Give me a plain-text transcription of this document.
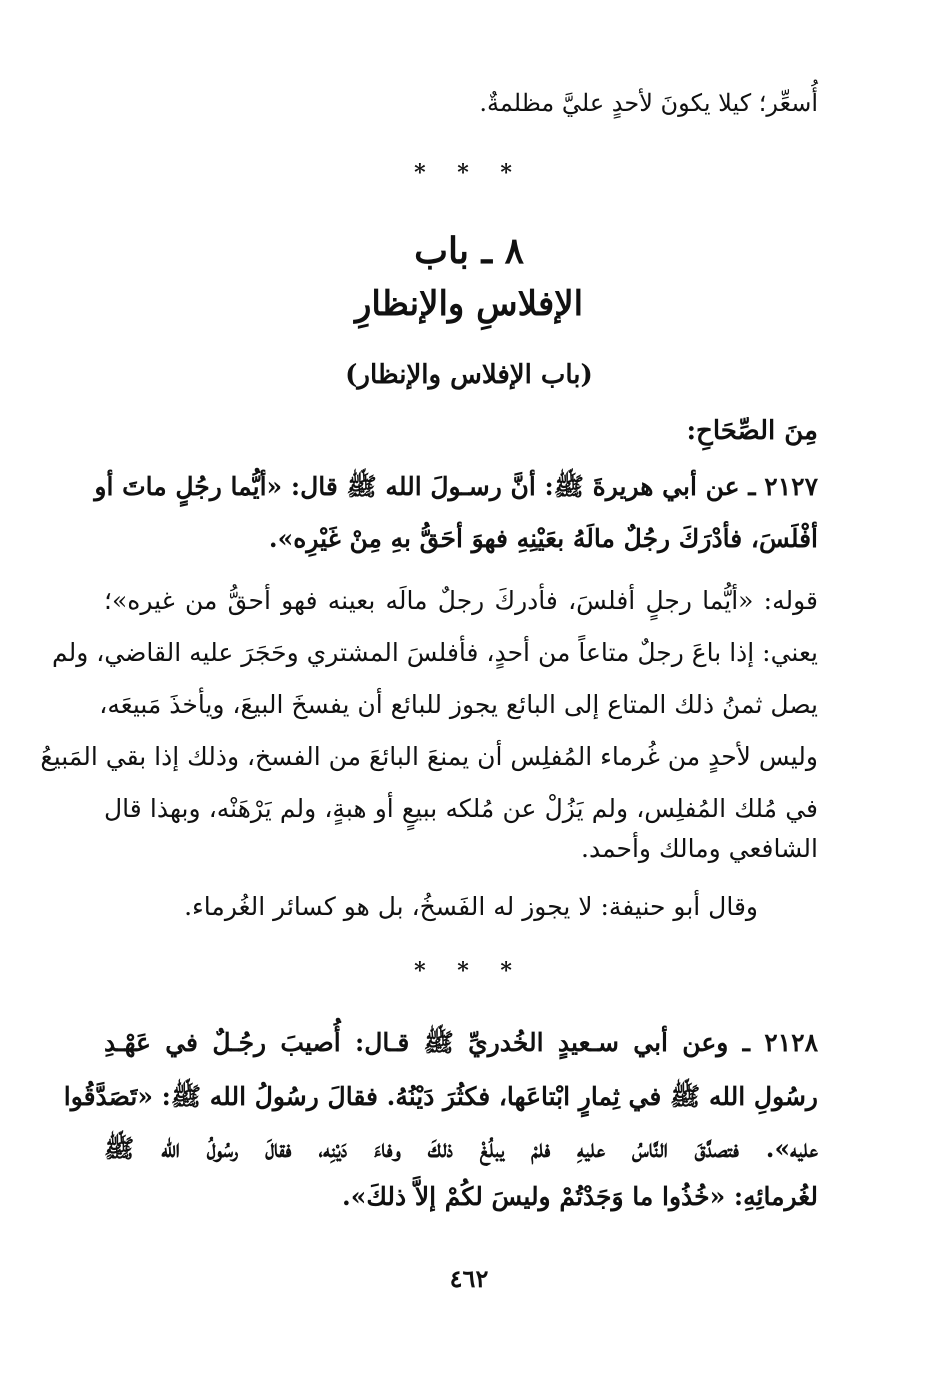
أُسعِّر؛ كيلا يكونَ لأحدٍ عليَّ مظلمةٌ.
* * *
٨ ـ باب
الإفلاسِ والإنظارِ
(باب الإفلاس والإنظار)
مِنَ الصِّحَاحِ:
٢١٢٧ ـ عن أبي هريرةَ ﷺ: أنَّ رسـولَ الله ﷺ قال: «أيُّما رجُلٍ ماتَ أو
أفْلَسَ، فأدْرَكَ رجُلٌ مالَهُ بعَيْنِهِ فهوَ أحَقُّ بهِ مِنْ غَيْرِه».
قوله: «أيُّما رجلٍ أفلسَ، فأدركَ رجلٌ مالَه بعينه فهو أحقُّ من غيره»؛
يعني: إذا باعَ رجلٌ متاعاً من أحدٍ، فأفلسَ المشتري وحَجَرَ عليه القاضي، ولم
يصل ثمنُ ذلك المتاع إلى البائع يجوز للبائع أن يفسخَ البيعَ، ويأخذَ مَبيعَه،
وليس لأحدٍ من غُرماء المُفلِس أن يمنعَ البائعَ من الفسخ، وذلك إذا بقي المَبيعُ
في مُلك المُفلِس، ولم يَزُلْ عن مُلكه ببيعٍ أو هبةٍ، ولم يَرْهَنْه، وبهذا قال
الشافعي ومالك وأحمد.
وقال أبو حنيفة: لا يجوز له الفَسخُ، بل هو كسائر الغُرماء.
* * *
٢١٢٨ ـ وعن أبي سـعيدٍ الخُدريِّ ﷺ قـال: أُصيبَ رجُـلٌ في عَهْـدِ
رسُولِ الله ﷺ في ثِمارٍ ابْتاعَها، فكثُرَ دَيْنُهُ. فقالَ رسُولُ الله ﷺ: «تَصَدَّقُوا
عليه». فتصدَّقَ النَّاسُ عليهِ فلمْ يبلُغْ ذلكَ وفاءَ دَيْنِه، فقالَ رسُولُ الله ﷺ
لغُرمائِهِ: «خُذُوا ما وَجَدْتُمْ وليسَ لكُمْ إلاَّ ذلكَ».
٤٦٢
